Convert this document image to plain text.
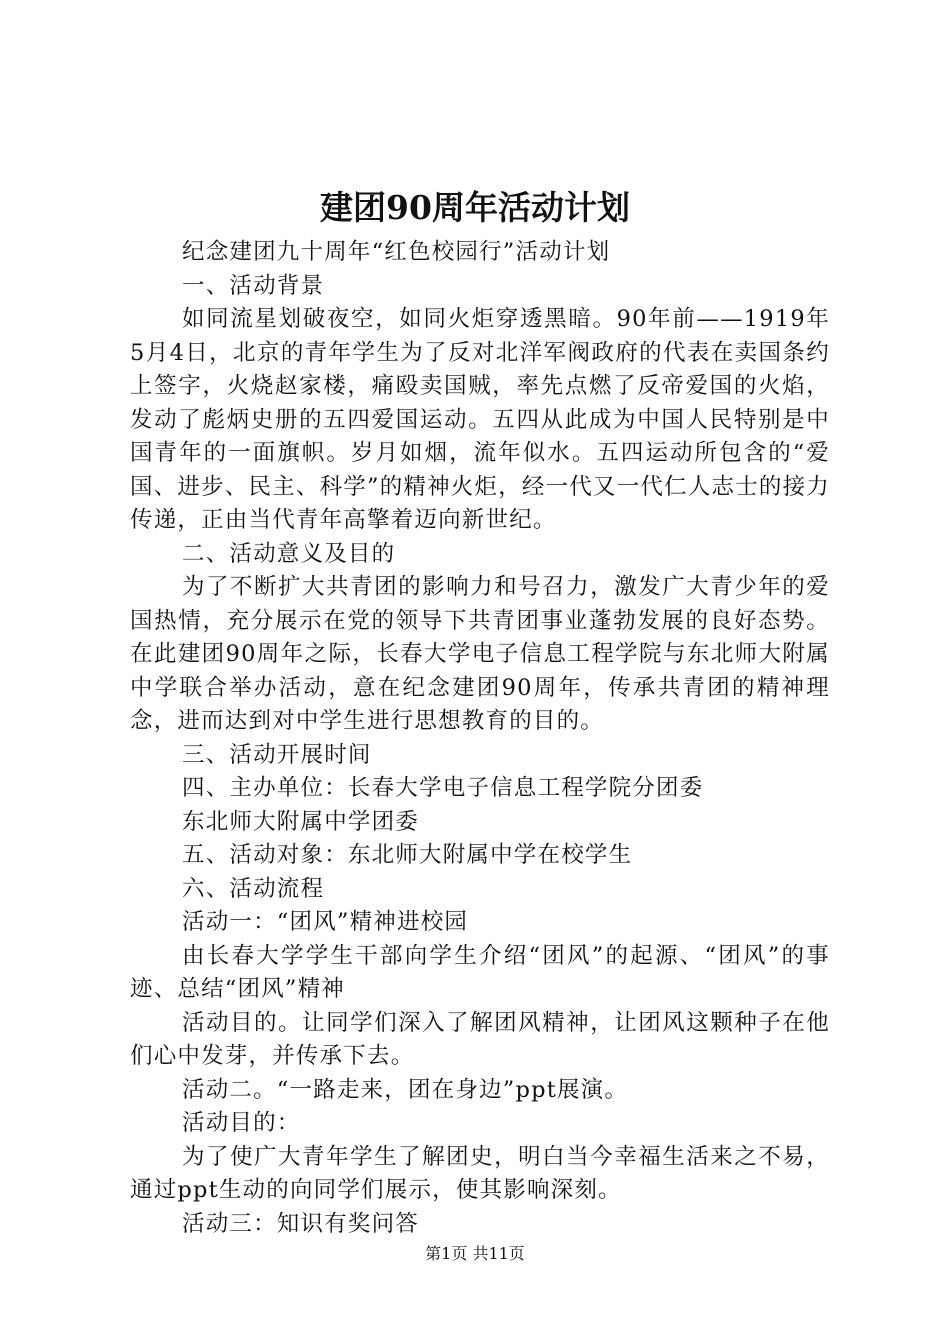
建团90周年活动计划

纪念建团九十周年“红色校园行”活动计划

一、活动背景

如同流星划破夜空，如同火炬穿透黑暗。90年前——1919年5月4日，北京的青年学生为了反对北洋军阀政府的代表在卖国条约上签字，火烧赵家楼，痛殴卖国贼，率先点燃了反帝爱国的火焰，发动了彪炳史册的五四爱国运动。五四从此成为中国人民特别是中国青年的一面旗帜。岁月如烟，流年似水。五四运动所包含的“爱国、进步、民主、科学”的精神火炬，经一代又一代仁人志士的接力传递，正由当代青年高擎着迈向新世纪。

二、活动意义及目的

为了不断扩大共青团的影响力和号召力，激发广大青少年的爱国热情，充分展示在党的领导下共青团事业蓬勃发展的良好态势。在此建团90周年之际，长春大学电子信息工程学院与东北师大附属中学联合举办活动，意在纪念建团90周年，传承共青团的精神理念，进而达到对中学生进行思想教育的目的。

三、活动开展时间

四、主办单位：长春大学电子信息工程学院分团委

东北师大附属中学团委

五、活动对象：东北师大附属中学在校学生

六、活动流程

活动一：“团风”精神进校园

由长春大学学生干部向学生介绍“团风”的起源、“团风”的事迹、总结“团风”精神

活动目的。让同学们深入了解团风精神，让团风这颗种子在他们心中发芽，并传承下去。

活动二。“一路走来，团在身边”ppt展演。

活动目的：

为了使广大青年学生了解团史，明白当今幸福生活来之不易，通过ppt生动的向同学们展示，使其影响深刻。

活动三：知识有奖问答

第1页 共11页
